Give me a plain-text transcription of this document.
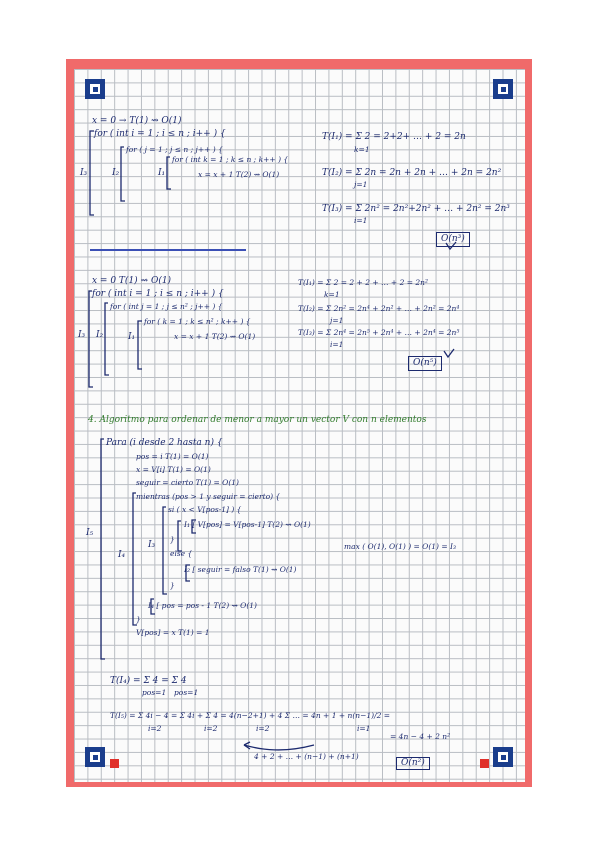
x = 0 → T(1) ⇝ O(1)
for ( int i = 1 ; i ≤ n ; i++ ) {
for ( j = 1 ; j ≤ n ; j++ ) {
for ( int k = 1 ; k ≤ n ; k++ ) {
x = x + 1 T(2) ⇝ O(1)
I₃	I₂	I₁
T(I₁) = Σ 2 = 2+2+ … + 2 = 2n
k=1
T(I₂) = Σ 2n = 2n + 2n + … + 2n = 2n²
j=1
T(I₃) = Σ 2n² = 2n²+2n² + … + 2n² = 2n³
i=1
O(n³)
x = 0 T(1) ⇝ O(1)
for ( int i = 1 ; i ≤ n ; i++ ) {
for ( int j = 1 ; j ≤ n² ; j++ ) {
for ( k = 1 ; k ≤ n² ; k++ ) {
x = x + 1 T(2) ⇝ O(1)
I₃ I₂	I₁
T(I₁) = Σ 2 = 2 + 2 + … + 2 = 2n²
k=1
T(I₂) = Σ 2n² = 2n⁴ + 2n² + … + 2n² = 2n⁴
j=1
T(I₃) = Σ 2n⁴ = 2n⁵ + 2n⁴ + … + 2n⁴ = 2n⁵
i=1
O(n⁵)
4. Algoritmo para ordenar de menor a mayor un vector V con n elementos
Para (i desde 2 hasta n) {
pos = i T(1) = O(1)
x = V[i] T(1) = O(1)
seguir = cierto T(1) = O(1)
mientras (pos > 1 y seguir = cierto) {
si ( x < V[pos-1] ) {
I₁ [ V[pos] = V[pos-1] T(2) ⇝ O(1)
}
else {
I₂ [ seguir = falso T(1) ⇝ O(1)
}
I₄ [ pos = pos - 1 T(2) ⇝ O(1)
}
V[pos] = x T(1) = 1
I₅
I₄
I₃	max ( O(1), O(1) ) = O(1) = I₃
T(I₄) = Σ 4 = Σ 4
pos=1 pos=1
T(I₅) = Σ 4i − 4 = Σ 4i + Σ 4 = 4(n−2+1) + 4 Σ … = 4n + 1 + n(n−1)/2 =
i=2	i=2	i=2	i=1
= 4n − 4 + 2 n²
4 + 2 + … + (n−1) + (n+1)
O(n²)
